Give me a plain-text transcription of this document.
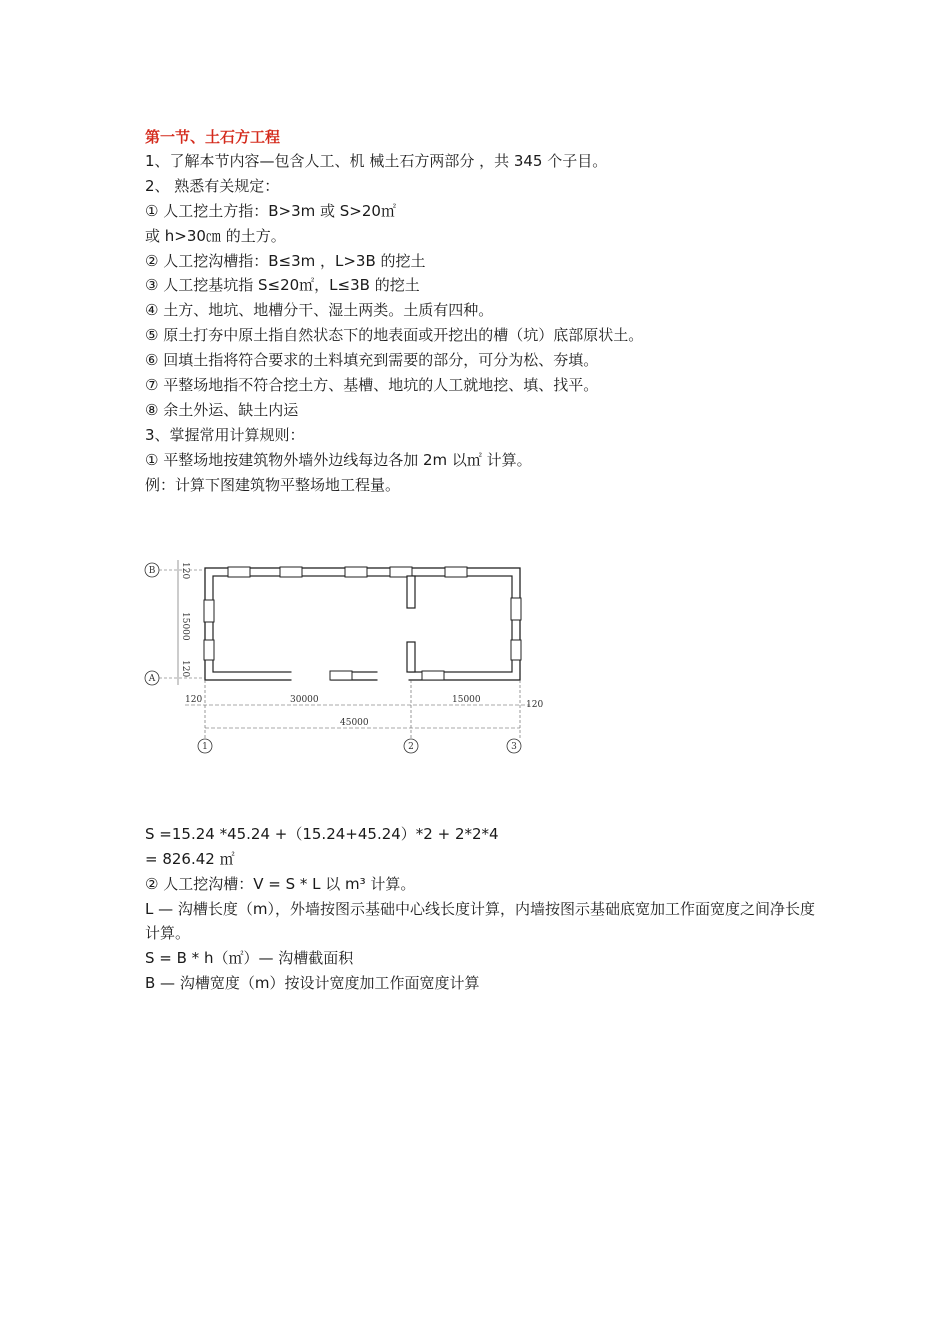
第一节、土石方工程
1、了解本节内容—包含人工、机 械土石方两部分 ，共 345 个子目。
2、 熟悉有关规定：
① 人工挖土方指：B>3m 或 S>20㎡
或 h>30㎝ 的土方。
② 人工挖沟槽指：B≤3m ，L>3B 的挖土
③ 人工挖基坑指 S≤20㎡，L≤3B 的挖土
④ 土方、地坑、地槽分干、湿土两类。土质有四种。
⑤ 原土打夯中原土指自然状态下的地表面或开挖出的槽（坑）底部原状土。
⑥ 回填土指将符合要求的土料填充到需要的部分，可分为松、夯填。
⑦ 平整场地指不符合挖土方、基槽、地坑的人工就地挖、填、找平。
⑧ 余土外运、缺土内运
3、掌握常用计算规则：
① 平整场地按建筑物外墙外边线每边各加 2m 以㎡ 计算。
例：计算下图建筑物平整场地工程量。
B
A
120
15000
120
120	30000	15000	120
45000
1	2	3
S =15.24 *45.24 +（15.24+45.24）*2 + 2*2*4
= 826.42 ㎡
② 人工挖沟槽：V = S * L 以 m³ 计算。
L — 沟槽长度（m），外墙按图示基础中心线长度计算，内墙按图示基础底宽加工作面宽度之间净长度计算。
S = B * h（㎡）— 沟槽截面积
B — 沟槽宽度（m）按设计宽度加工作面宽度计算
